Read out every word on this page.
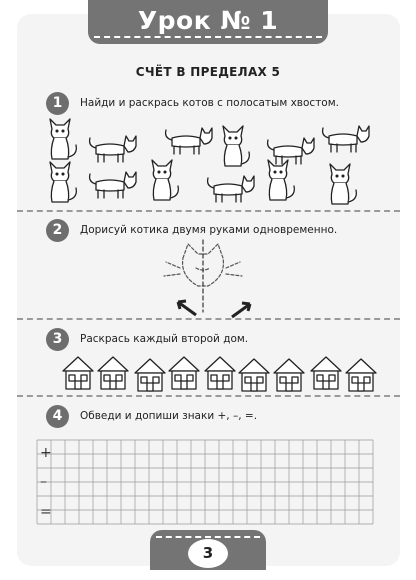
Урок № 1
СЧЁТ В ПРЕДЕЛАХ 5
1	Найди и раскрась котов с полосатым хвостом.
2	Дорисуй котика двумя руками одновременно.
3	Раскрась каждый второй дом.
4	Обведи и допиши знаки +, –, =.
+
–
=
3
